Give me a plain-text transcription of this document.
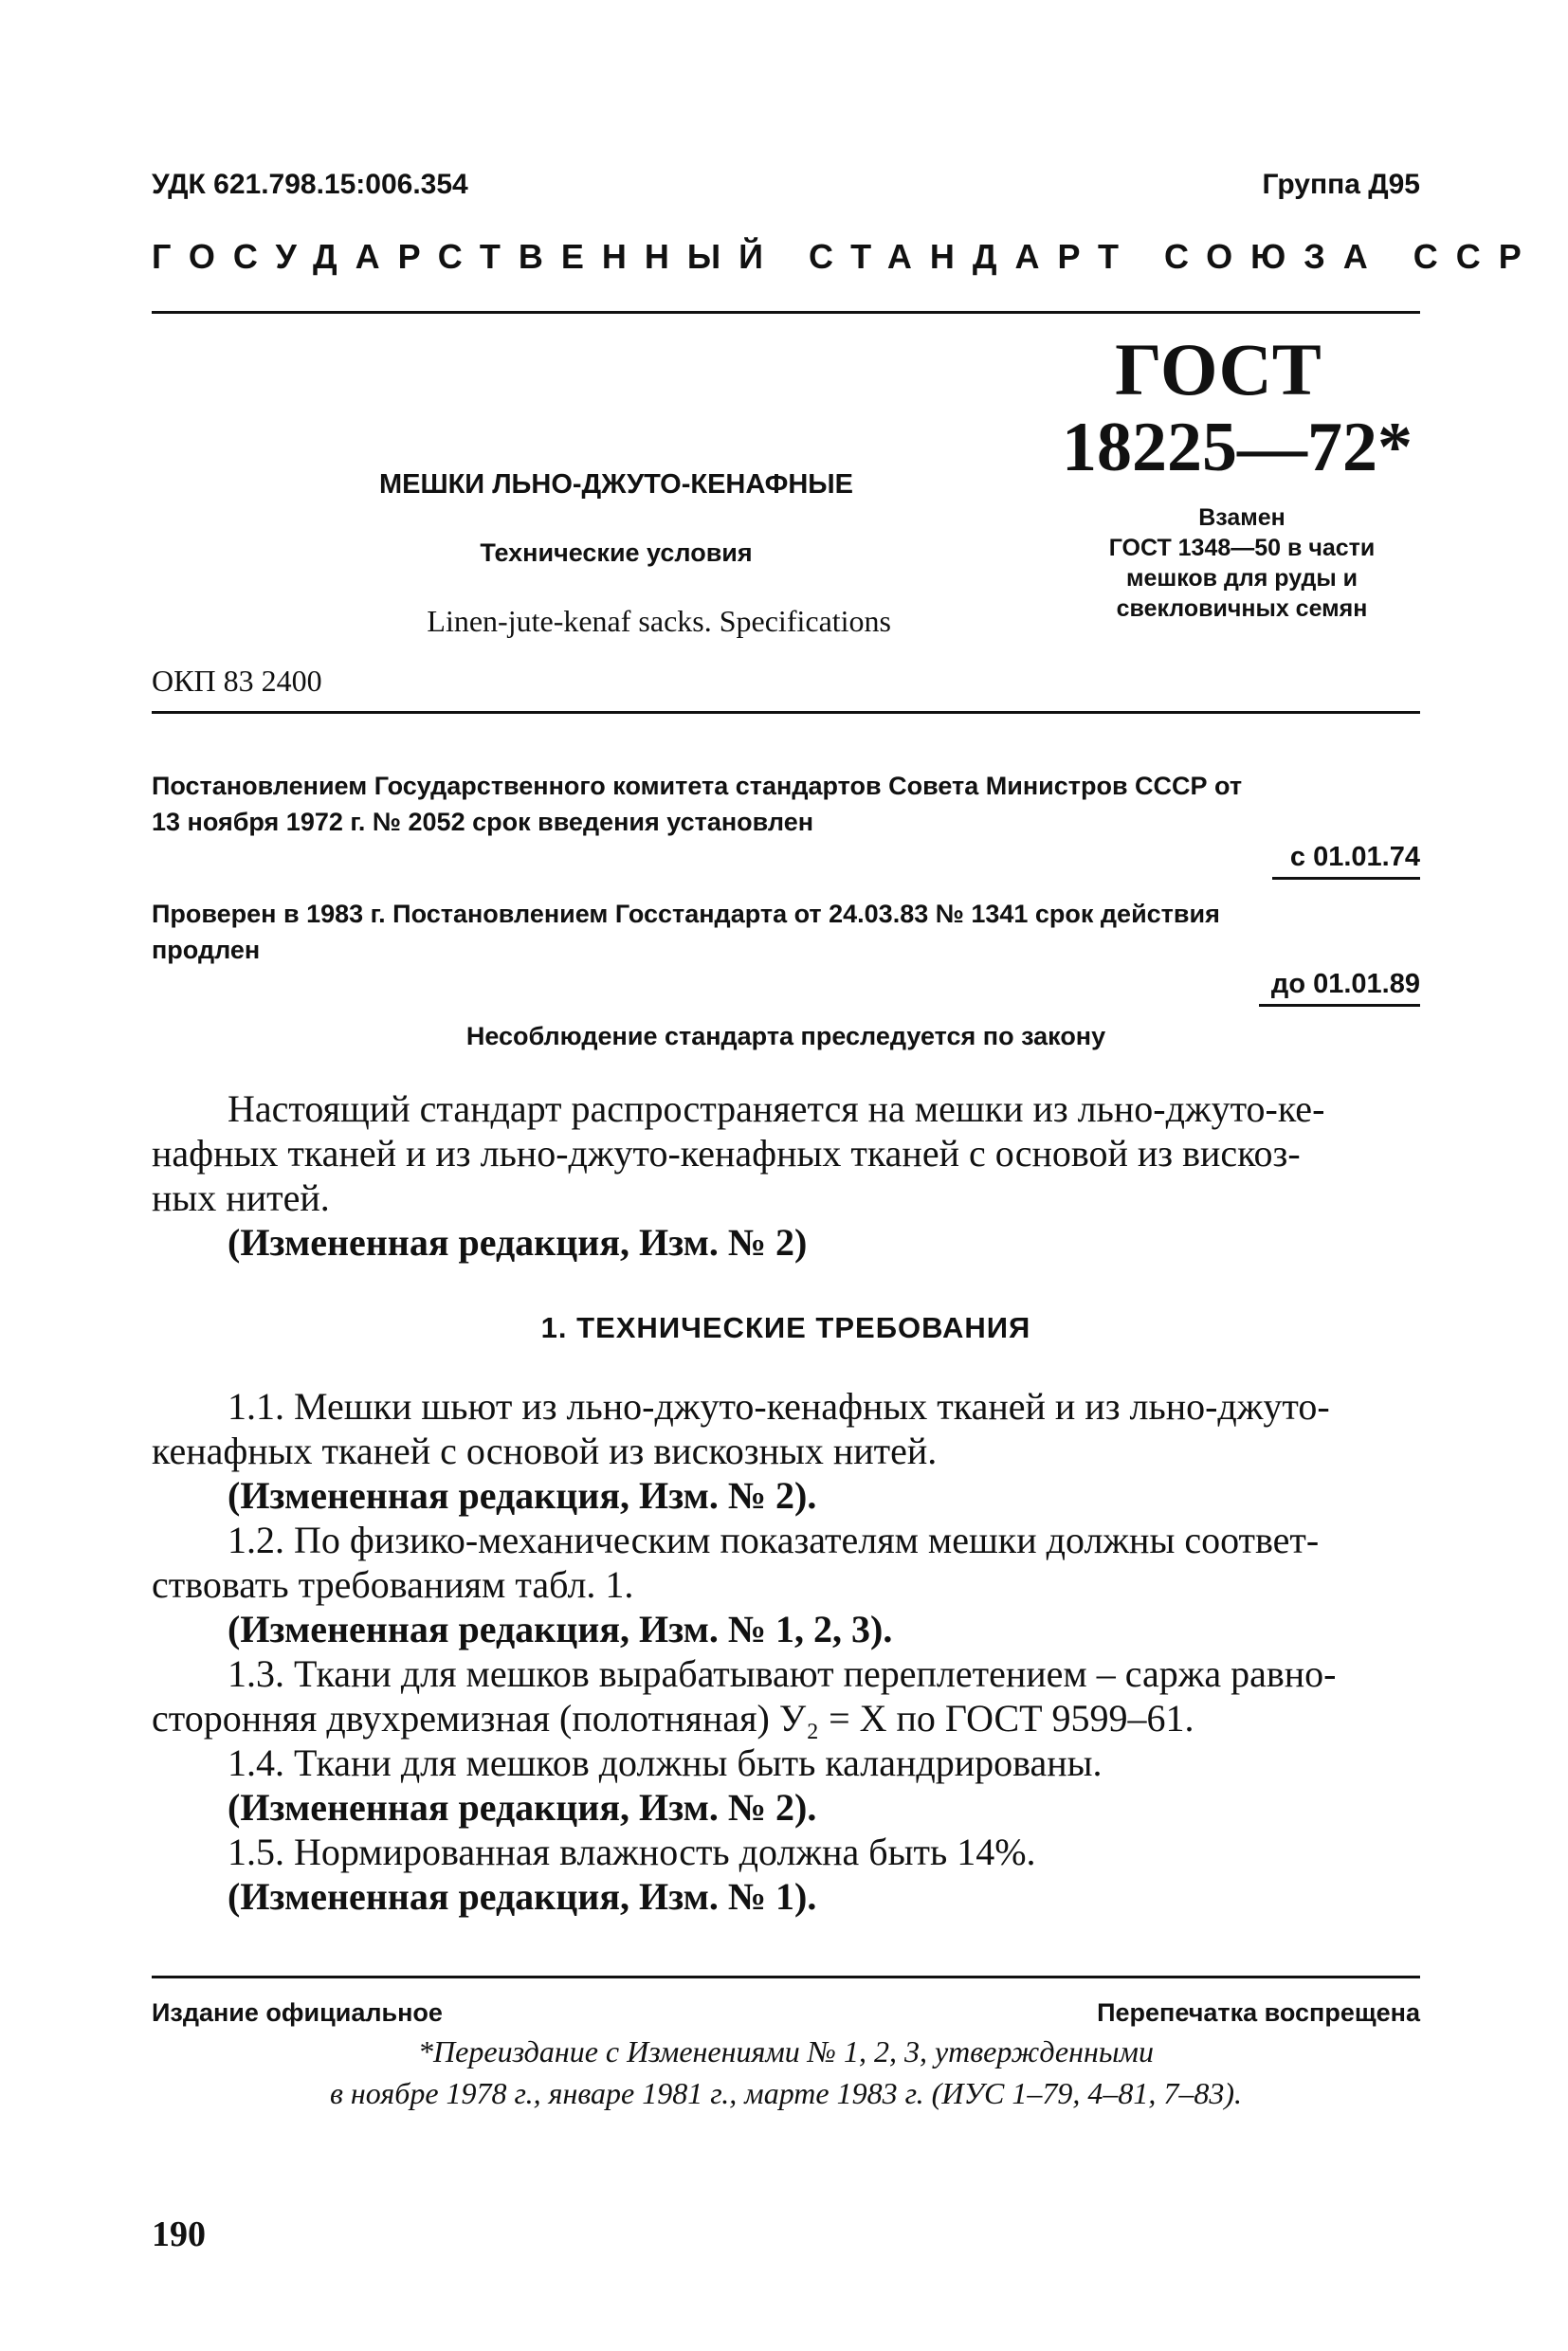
УДК 621.798.15:006.354	Группа Д95
ГОСУДАРСТВЕННЫЙ СТАНДАРТ СОЮЗА ССР
ГОСТ
18225—72*
Взамен
ГОСТ 1348—50 в части
мешков для руды и
свекловичных семян
МЕШКИ ЛЬНО-ДЖУТО-КЕНАФНЫЕ
Технические условия
Linen-jute-kenaf sacks. Specifications
ОКП 83 2400
Постановлением Государственного комитета стандартов Совета Министров СССР от
13 ноября 1972 г. № 2052 срок введения установлен
с 01.01.74
Проверен в 1983 г. Постановлением Госстандарта от 24.03.83 № 1341 срок действия
продлен
до 01.01.89
Несоблюдение стандарта преследуется по закону
Настоящий стандарт распространяется на мешки из льно-джуто-ке-
нафных тканей и из льно-джуто-кенафных тканей с основой из вискоз-
ных нитей.
(Измененная редакция, Изм. № 2)
1. ТЕХНИЧЕСКИЕ ТРЕБОВАНИЯ
1.1. Мешки шьют из льно-джуто-кенафных тканей и из льно-джуто-
кенафных тканей с основой из вискозных нитей.
(Измененная редакция, Изм. № 2).
1.2. По физико-механическим показателям мешки должны соответ-
ствовать требованиям табл. 1.
(Измененная редакция, Изм. № 1, 2, 3).
1.3. Ткани для мешков вырабатывают переплетением – саржа равно-
сторонняя двухремизная (полотняная) У₂ = Х по ГОСТ 9599–61.
1.4. Ткани для мешков должны быть каландрированы.
(Измененная редакция, Изм. № 2).
1.5. Нормированная влажность должна быть 14%.
(Измененная редакция, Изм. № 1).
Издание официальное	Перепечатка воспрещена
*Переиздание с Изменениями № 1, 2, 3, утвержденными
в ноябре 1978 г., январе 1981 г., марте 1983 г. (ИУС 1–79, 4–81, 7–83).
190
